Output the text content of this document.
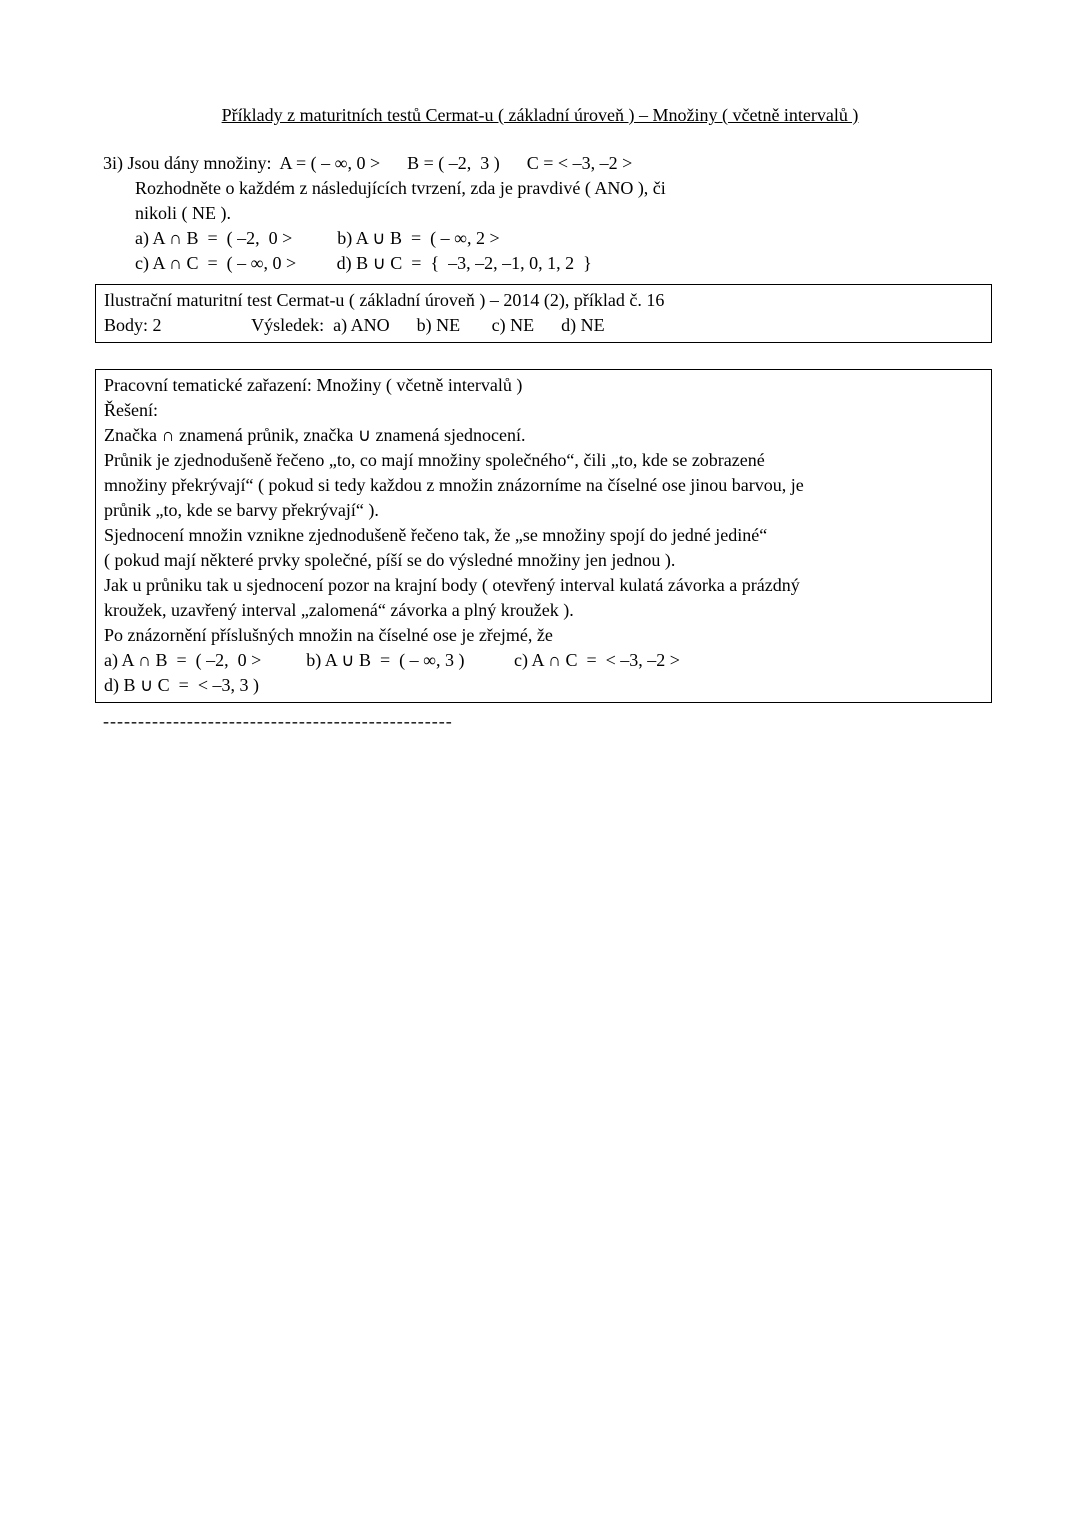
Příklady z maturitních testů Cermat-u ( základní úroveň ) – Množiny ( včetně intervalů )
3i) Jsou dány množiny:  A = ( – ∞, 0 >      B = ( –2,  3 )      C = < –3, –2 >
Rozhodněte o každém z následujících tvrzení, zda je pravdivé ( ANO ), či
nikoli ( NE ).
a) A ∩ B  =  ( –2,  0 >          b) A ∪ B  =  ( – ∞, 2 >
c) A ∩ C  =  ( – ∞, 0 >         d) B ∪ C  =  {  –3, –2, –1, 0, 1, 2  }
Ilustrační maturitní test Cermat-u ( základní úroveň ) – 2014 (2), příklad č. 16
Body: 2                    Výsledek:  a) ANO      b) NE       c) NE      d) NE
Pracovní tematické zařazení: Množiny ( včetně intervalů )
Řešení:
Značka ∩ znamená průnik, značka ∪ znamená sjednocení.
Průnik je zjednodušeně řečeno „to, co mají množiny společného“, čili „to, kde se zobrazené
množiny překrývají“ ( pokud si tedy každou z množin znázorníme na číselné ose jinou barvou, je
průnik „to, kde se barvy překrývají“ ).
Sjednocení množin vznikne zjednodušeně řečeno tak, že „se množiny spojí do jedné jediné“
( pokud mají některé prvky společné, píší se do výsledné množiny jen jednou ).
Jak u průniku tak u sjednocení pozor na krajní body ( otevřený interval kulatá závorka a prázdný
kroužek, uzavřený interval „zalomená“ závorka a plný kroužek ).
Po znázornění příslušných množin na číselné ose je zřejmé, že
a) A ∩ B  =  ( –2,  0 >          b) A ∪ B  =  ( – ∞, 3 )           c) A ∩ C  =  < –3, –2 >
d) B ∪ C  =  < –3, 3 )
--------------------------------------------------
